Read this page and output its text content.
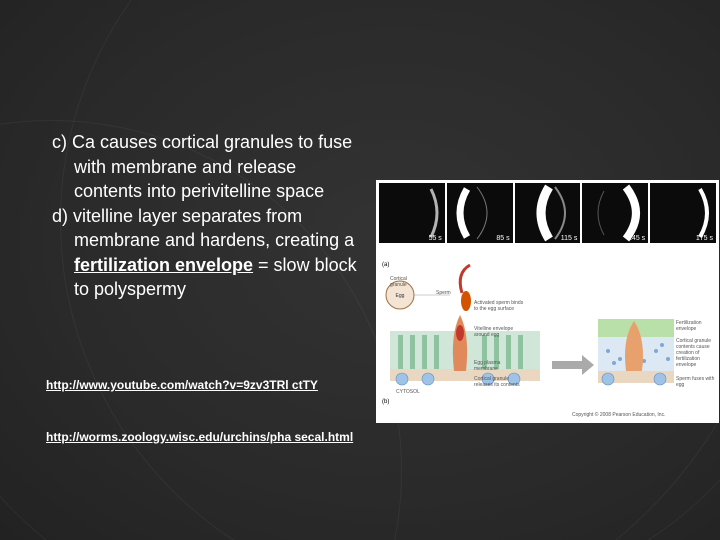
c) Ca causes cortical granules to fuse with membrane and release contents into perivitelline space

d) vitelline layer separates from membrane and hardens, creating a fertilization envelope = slow block to polyspermy

http://www.youtube.com/watch?v=9zv3TRl ctTY
http://worms.zoology.wisc.edu/urchins/pha secal.html
55 s	85 s	115 s	145 s	175 s
(a)
(b)
Egg
Cortical granule
Sperm
Activated sperm binds to the egg surface
Vitelline envelope around egg
Egg plasma membrane
Cortical granule releases its contents
CYTOSOL
Fertilization envelope
Cortical granule contents cause creation of fertilization envelope
Sperm fuses with egg
Copyright © 2008 Pearson Education, Inc.
